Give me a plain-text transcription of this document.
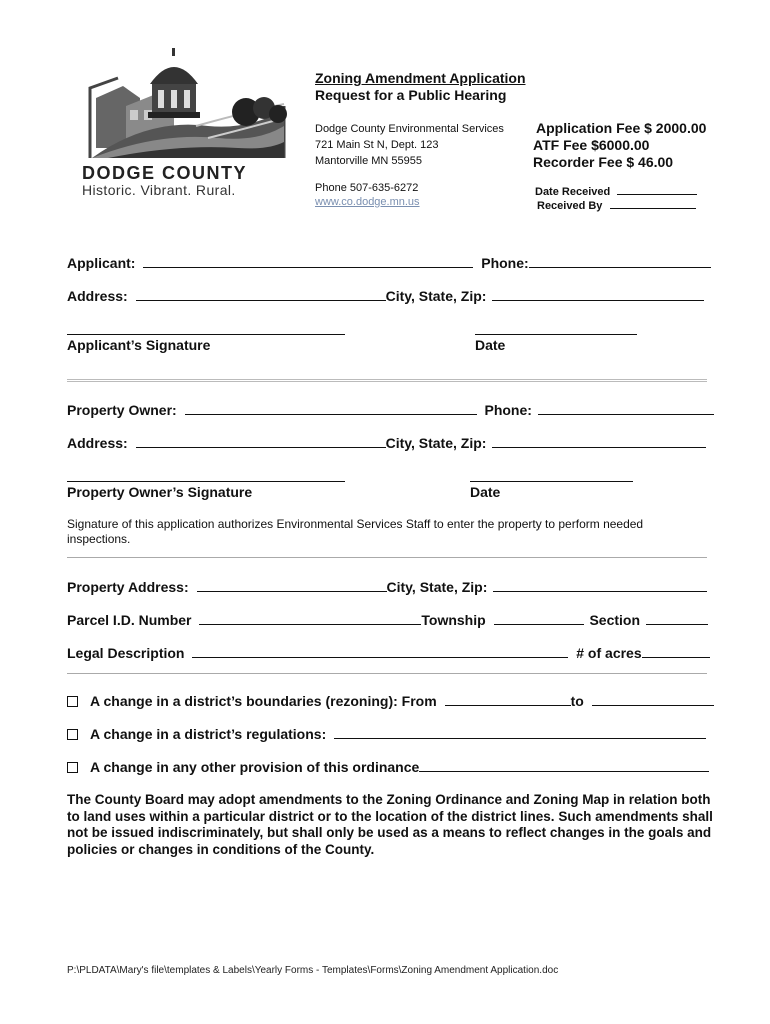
DODGE COUNTY
Historic. Vibrant. Rural.
Zoning Amendment Application
Request for a Public Hearing
Dodge County Environmental Services
721 Main St N, Dept. 123
Mantorville MN 55955
Phone 507-635-6272
www.co.dodge.mn.us
Application Fee $ 2000.00
ATF Fee $6000.00
Recorder Fee $ 46.00
Date Received
Received By
Applicant:	Phone:
Address:	City, State, Zip:
Applicant’s Signature	Date
Property Owner:	Phone:
Address:	City, State, Zip:
Property Owner’s Signature	Date
Signature of this application authorizes Environmental Services Staff to enter the property to perform needed inspections.
Property Address:	City, State, Zip:
Parcel I.D. Number	Township	Section
Legal Description	# of acres
A change in a district’s boundaries (rezoning): From	to
A change in a district’s regulations:
A change in any other provision of this ordinance
The County Board may adopt amendments to the Zoning Ordinance and Zoning Map in relation both to land uses within a particular district or to the location of the district lines. Such amendments shall not be issued indiscriminately, but shall only be used as a means to reflect changes in the goals and policies or changes in conditions of the County.
P:\PLDATA\Mary's file\templates & Labels\Yearly Forms - Templates\Forms\Zoning Amendment Application.doc
